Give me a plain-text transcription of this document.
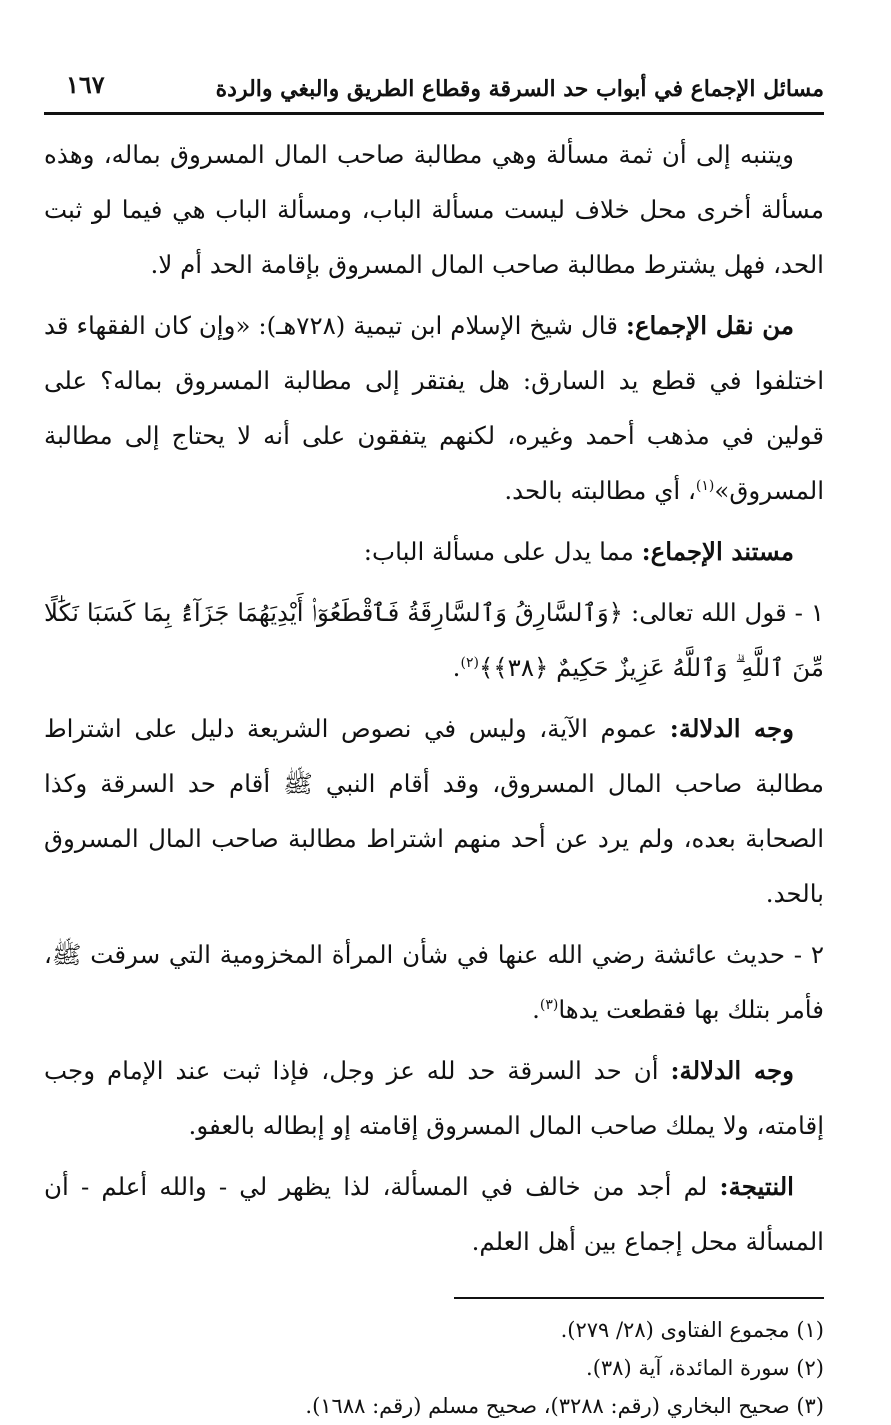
مسائل الإجماع في أبواب حد السرقة وقطاع الطريق والبغي والردة
١٦٧

ويتنبه إلى أن ثمة مسألة وهي مطالبة صاحب المال المسروق بماله، وهذه مسألة أخرى محل خلاف ليست مسألة الباب، ومسألة الباب هي فيما لو ثبت الحد، فهل يشترط مطالبة صاحب المال المسروق بإقامة الحد أم لا.

من نقل الإجماع: قال شيخ الإسلام ابن تيمية (٧٢٨هـ): «وإن كان الفقهاء قد اختلفوا في قطع يد السارق: هل يفتقر إلى مطالبة المسروق بماله؟ على قولين في مذهب أحمد وغيره، لكنهم يتفقون على أنه لا يحتاج إلى مطالبة المسروق»$^{(١)}$، أي مطالبته بالحد.

مستند الإجماع: مما يدل على مسألة الباب:

١ - قول الله تعالى: ﴿وَٱلسَّارِقُ وَٱلسَّارِقَةُ فَٱقْطَعُوٓا۟ أَيْدِيَهُمَا جَزَآءًۢ بِمَا كَسَبَا نَكَٰلًا مِّنَ ٱللَّهِ ۗ وَٱللَّهُ عَزِيزٌ حَكِيمٌ ﴿٣٨﴾﴾$^{(٢)}$.

وجه الدلالة: عموم الآية، وليس في نصوص الشريعة دليل على اشتراط مطالبة صاحب المال المسروق، وقد أقام النبي ﷺ أقام حد السرقة وكذا الصحابة بعده، ولم يرد عن أحد منهم اشتراط مطالبة صاحب المال المسروق بالحد.

٢ - حديث عائشة رضي الله عنها في شأن المرأة المخزومية التي سرقت ﷺ، فأمر بتلك بها فقطعت يدها$^{(٣)}$.

وجه الدلالة: أن حد السرقة حد لله عز وجل، فإذا ثبت عند الإمام وجب إقامته، ولا يملك صاحب المال المسروق إقامته إو إبطاله بالعفو.

النتيجة: لم أجد من خالف في المسألة، لذا يظهر لي - والله أعلم - أن المسألة محل إجماع بين أهل العلم.

(١) مجموع الفتاوى (٢٨/ ٢٧٩).

(٢) سورة المائدة، آية (٣٨).

(٣) صحيح البخاري (رقم: ٣٢٨٨)، صحيح مسلم (رقم: ١٦٨٨).
